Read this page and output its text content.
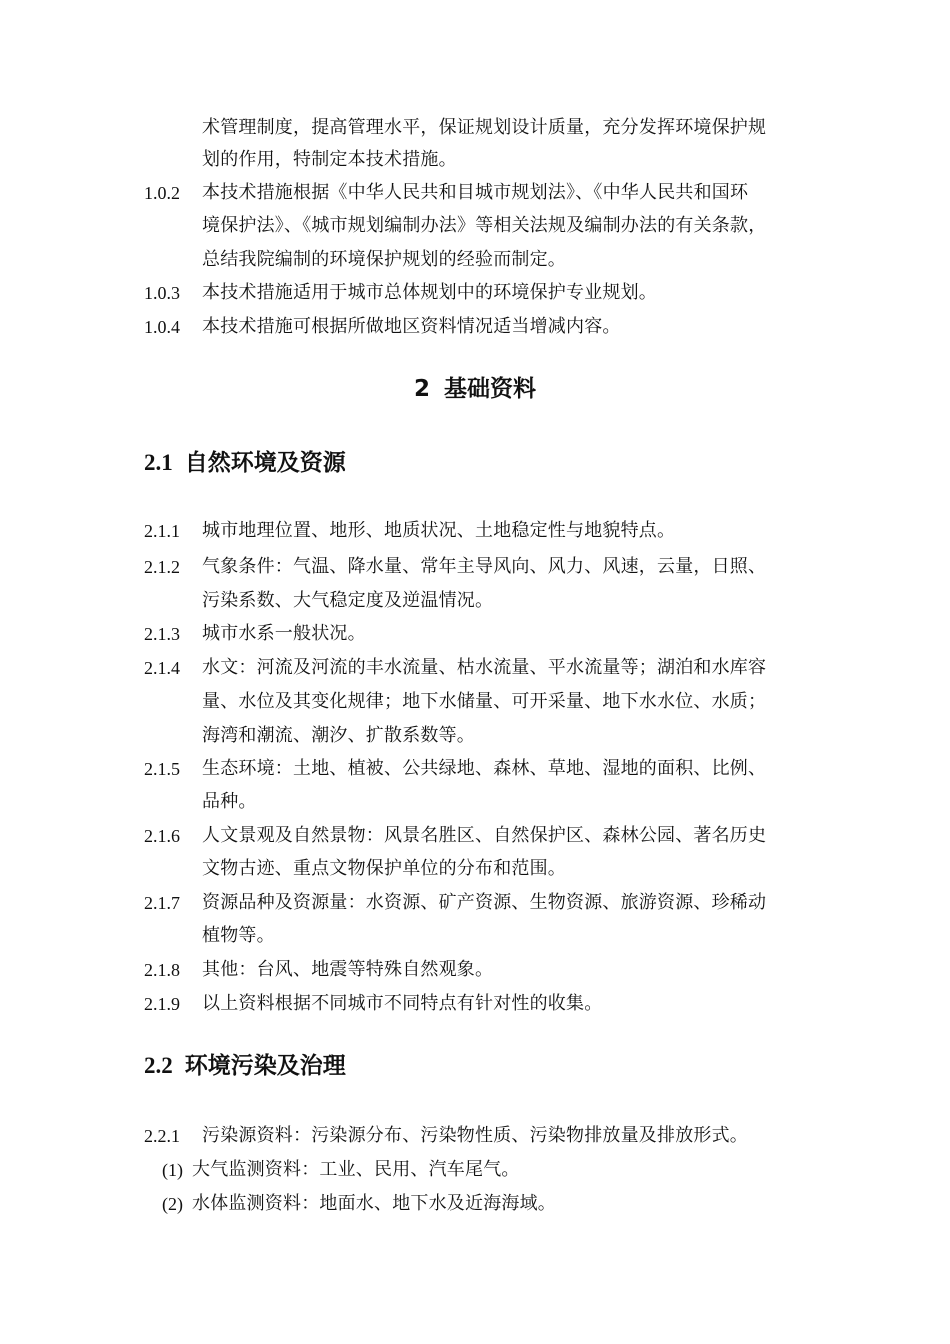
术管理制度，提高管理水平，保证规划设计质量，充分发挥环境保护规
划的作用，特制定本技术措施。
1.0.2 本技术措施根据《中华人民共和目城市规划法》、《中华人民共和国环
境保护法》、《城市规划编制办法》等相关法规及编制办法的有关条款，
总结我院编制的环境保护规划的经验而制定。
1.0.3 本技术措施适用于城市总体规划中的环境保护专业规划。
1.0.4 本技术措施可根据所做地区资料情况适当增减内容。
2 基础资料
2.1 自然环境及资源
2.1.1 城市地理位置、地形、地质状况、土地稳定性与地貌特点。
2.1.2 气象条件：气温、降水量、常年主导风向、风力、风速，云量，日照、
污染系数、大气稳定度及逆温情况。
2.1.3 城市水系一般状况。
2.1.4 水文：河流及河流的丰水流量、枯水流量、平水流量等；湖泊和水库容
量、水位及其变化规律；地下水储量、可开采量、地下水水位、水质；
海湾和潮流、潮汐、扩散系数等。
2.1.5 生态环境：土地、植被、公共绿地、森林、草地、湿地的面积、比例、
品种。
2.1.6 人文景观及自然景物：风景名胜区、自然保护区、森林公园、著名历史
文物古迹、重点文物保护单位的分布和范围。
2.1.7 资源品种及资源量：水资源、矿产资源、生物资源、旅游资源、珍稀动
植物等。
2.1.8 其他：台风、地震等特殊自然观象。
2.1.9 以上资料根据不同城市不同特点有针对性的收集。
2.2 环境污染及治理
2.2.1 污染源资料：污染源分布、污染物性质、污染物排放量及排放形式。
(1) 大气监测资料：工业、民用、汽车尾气。
(2) 水体监测资料：地面水、地下水及近海海域。
